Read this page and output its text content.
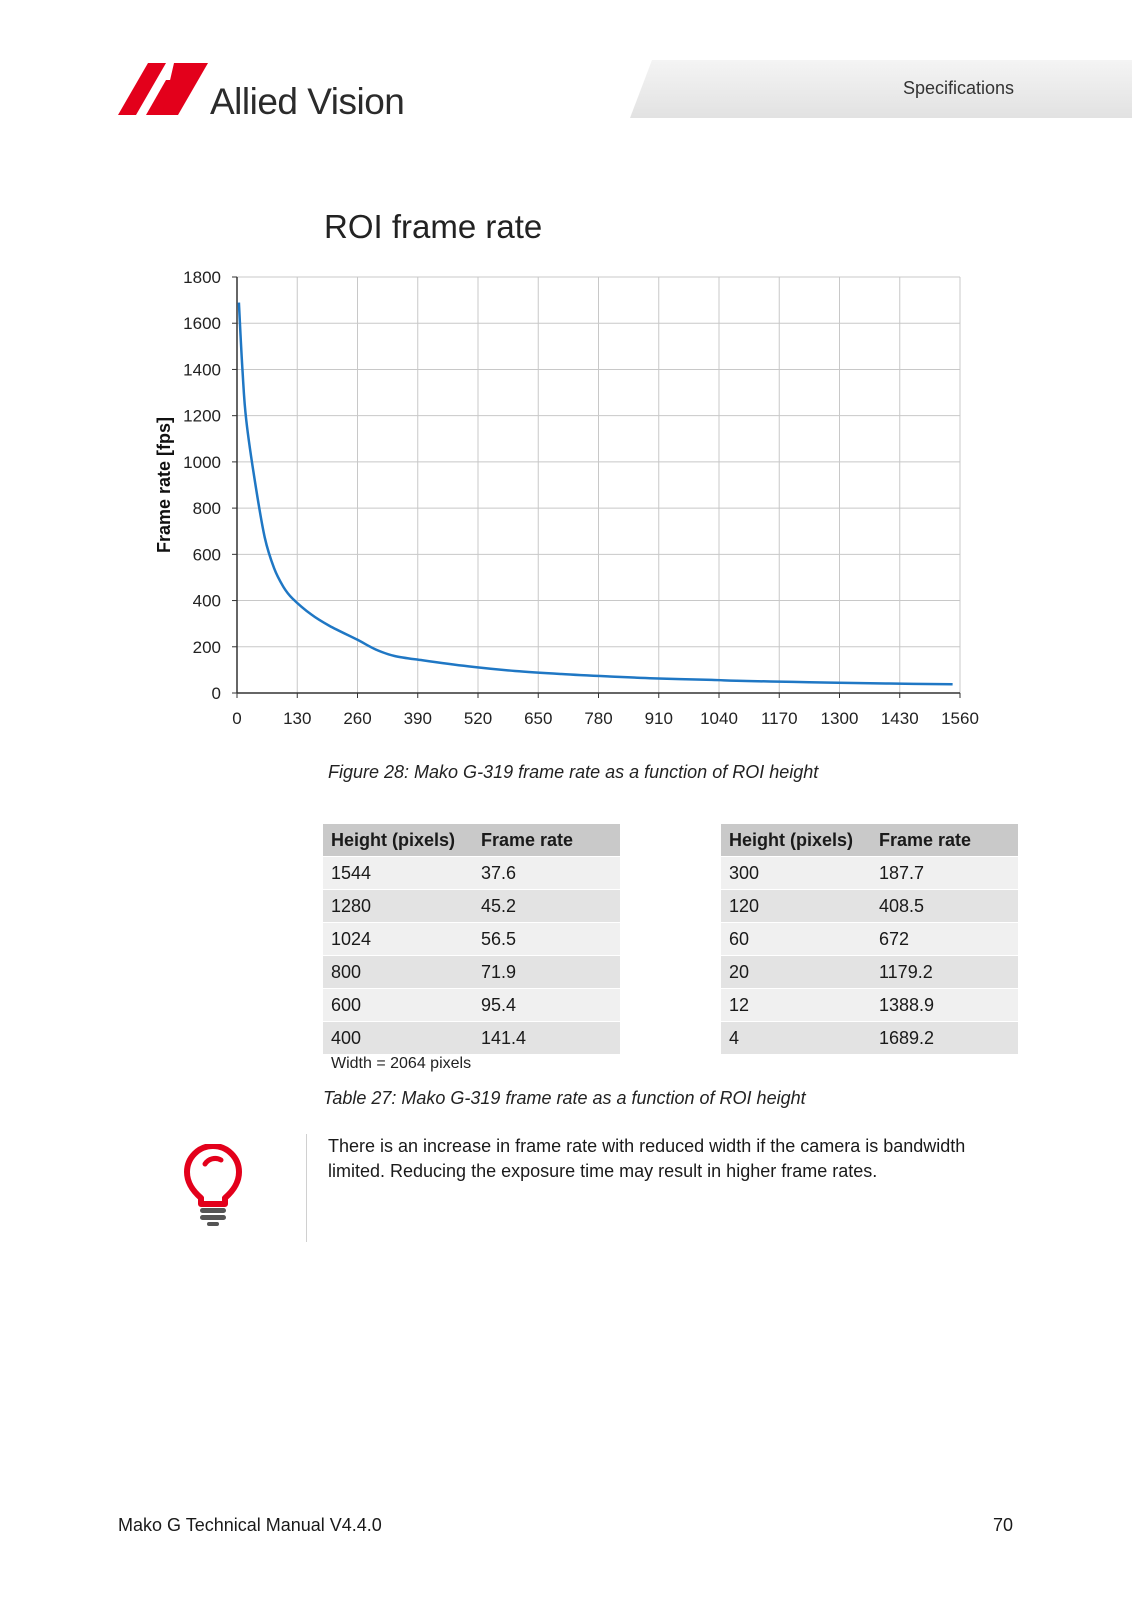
Allied Vision	Specifications
ROI frame rate
0 130 260 390 520 650 780 910 1040 1170 1300 1430 1560
0
200
400
600
800
1000
1200
1400
1600
1800
Frame rate [fps]
Figure 28: Mako G-319 frame rate as a function of ROI height
Height (pixels)	Frame rate
1544	37.6
1280	45.2
1024	56.5
800	71.9
600	95.4
400	141.4
Height (pixels)	Frame rate
300	187.7
120	408.5
60	672
20	1179.2
12	1388.9
4	1689.2
Width = 2064 pixels
Table 27: Mako G-319 frame rate as a function of ROI height
There is an increase in frame rate with reduced width if the camera is bandwidth limited. Reducing the exposure time may result in higher frame rates.
Mako G Technical Manual V4.4.0	70
